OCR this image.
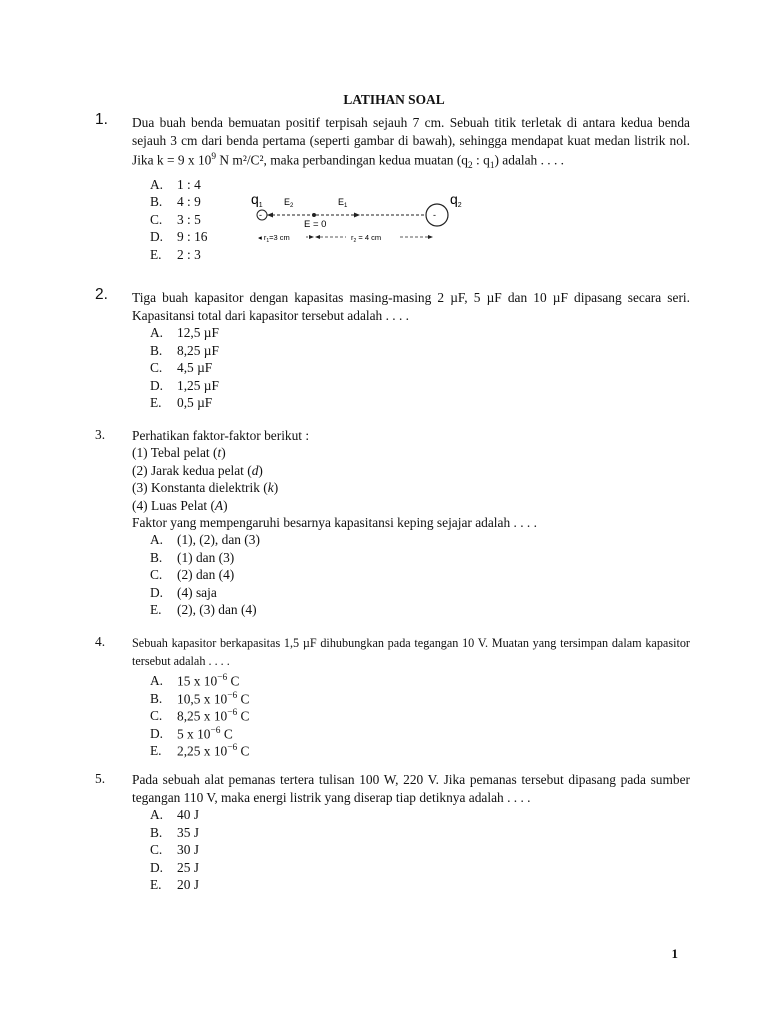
LATIHAN SOAL
1. Dua buah benda bemuatan positif terpisah sejauh 7 cm. Sebuah titik terletak di antara kedua benda sejauh 3 cm dari benda pertama (seperti gambar di bawah), sehingga mendapat kuat medan listrik nol. Jika k = 9 x $10^9$ N m²/C², maka perbandingan kedua muatan ($q_2$ : $q_1$) adalah . . . .
A. 1 : 4
B. 4 : 9
C. 3 : 5
D. 9 : 16
E. 2 : 3
$q_1$	$q_2$
$E_2$	$E_1$
-	-
E = 0
◂ $r_1=3$ cm	$r_2 = 4$ cm
2. Tiga buah kapasitor dengan kapasitas masing-masing 2 µF, 5 µF dan 10 µF dipasang secara seri. Kapasitansi total dari kapasitor tersebut adalah . . . .
A. 12,5 µF
B. 8,25 µF
C. 4,5 µF
D. 1,25 µF
E. 0,5 µF
3. Perhatikan faktor-faktor berikut :
(1) Tebal pelat (t)
(2) Jarak kedua pelat (d)
(3) Konstanta dielektrik (k)
(4) Luas Pelat (A)
Faktor yang mempengaruhi besarnya kapasitansi keping sejajar adalah . . . .
A. (1), (2), dan (3)
B. (1) dan (3)
C. (2) dan (4)
D. (4) saja
E. (2), (3) dan (4)
4. Sebuah kapasitor berkapasitas 1,5 µF dihubungkan pada tegangan 10 V. Muatan yang tersimpan dalam kapasitor tersebut adalah . . . .
A. 15 x $10^{-6}$ C
B. 10,5 x $10^{-6}$ C
C. 8,25 x $10^{-6}$ C
D. 5 x $10^{-6}$ C
E. 2,25 x $10^{-6}$ C
5. Pada sebuah alat pemanas tertera tulisan 100 W, 220 V. Jika pemanas tersebut dipasang pada sumber tegangan 110 V, maka energi listrik yang diserap tiap detiknya adalah . . . .
A. 40 J
B. 35 J
C. 30 J
D. 25 J
E. 20 J
1
